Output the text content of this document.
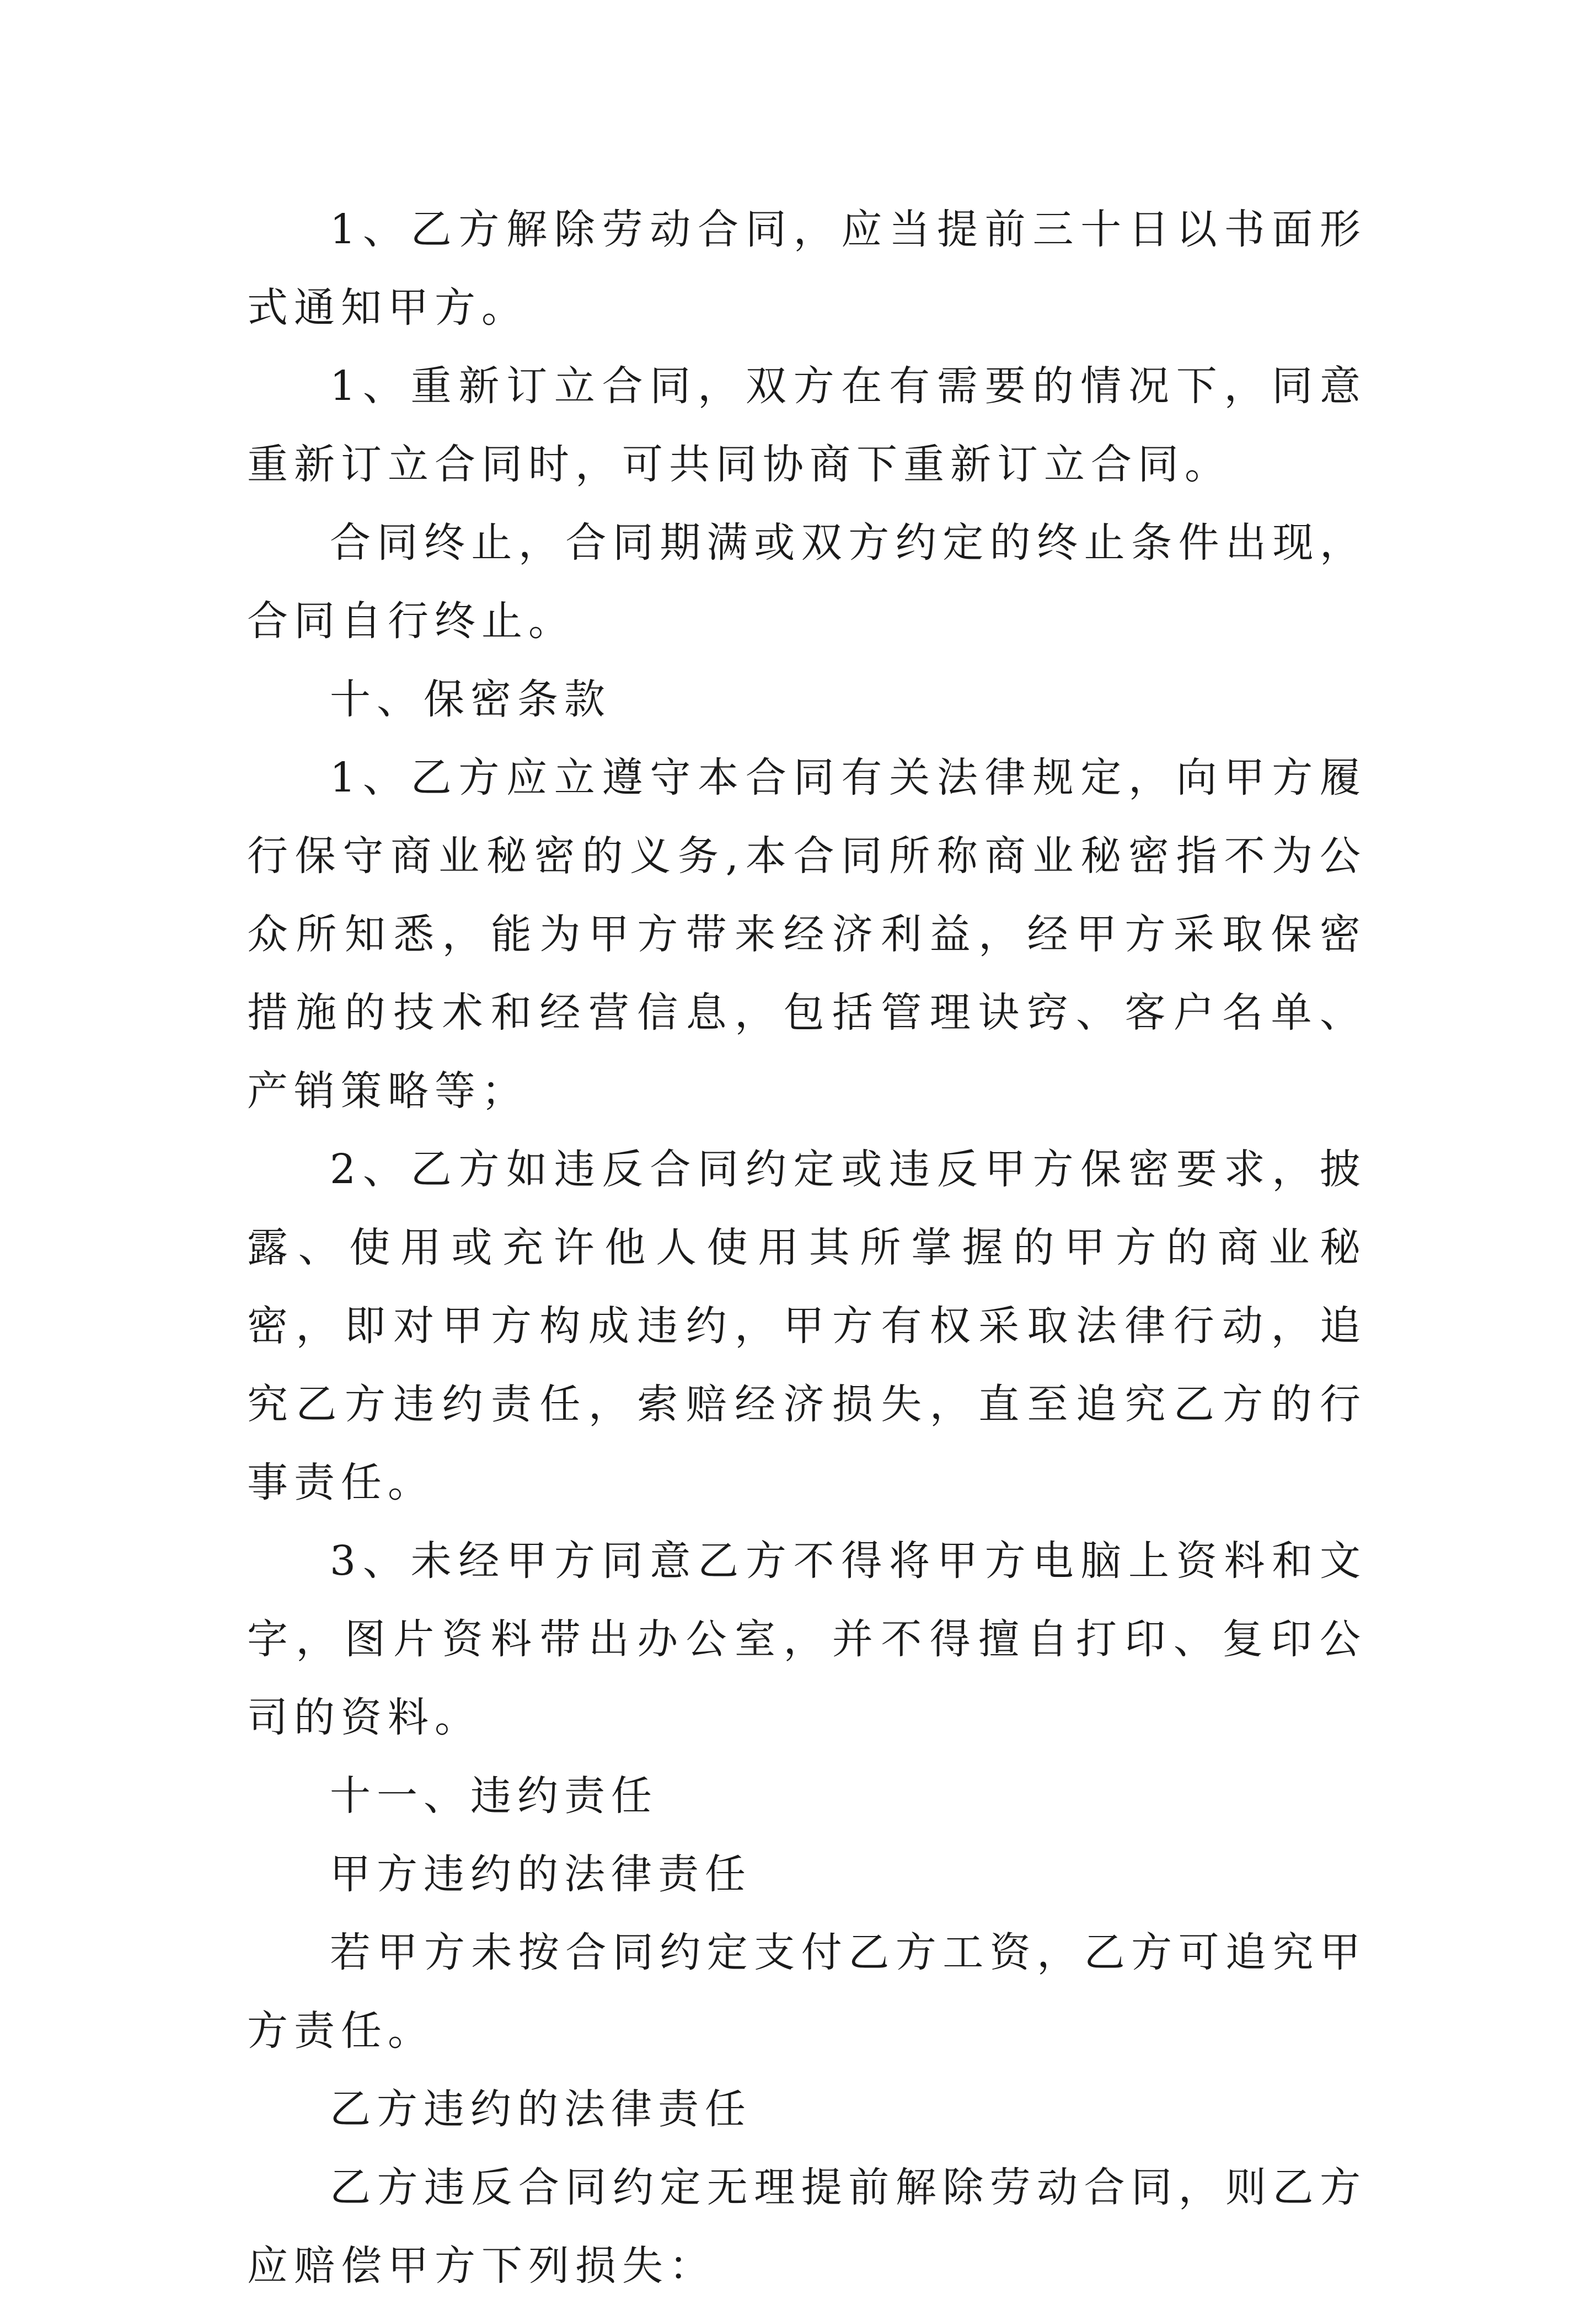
1、乙方解除劳动合同，应当提前三十日以书面形式通知甲方。

1、重新订立合同，双方在有需要的情况下，同意重新订立合同时，可共同协商下重新订立合同。

合同终止，合同期满或双方约定的终止条件出现，合同自行终止。

十、保密条款

1、乙方应立遵守本合同有关法律规定，向甲方履行保守商业秘密的义务,本合同所称商业秘密指不为公众所知悉，能为甲方带来经济利益，经甲方采取保密措施的技术和经营信息，包括管理诀窍、客户名单、产销策略等；

2、乙方如违反合同约定或违反甲方保密要求，披露、使用或充许他人使用其所掌握的甲方的商业秘密，即对甲方构成违约，甲方有权采取法律行动，追究乙方违约责任，索赔经济损失，直至追究乙方的行事责任。

3、未经甲方同意乙方不得将甲方电脑上资料和文字，图片资料带出办公室，并不得擅自打印、复印公司的资料。

十一、违约责任

甲方违约的法律责任

若甲方未按合同约定支付乙方工资，乙方可追究甲方责任。

乙方违约的法律责任

乙方违反合同约定无理提前解除劳动合同，则乙方应赔偿甲方下列损失：
